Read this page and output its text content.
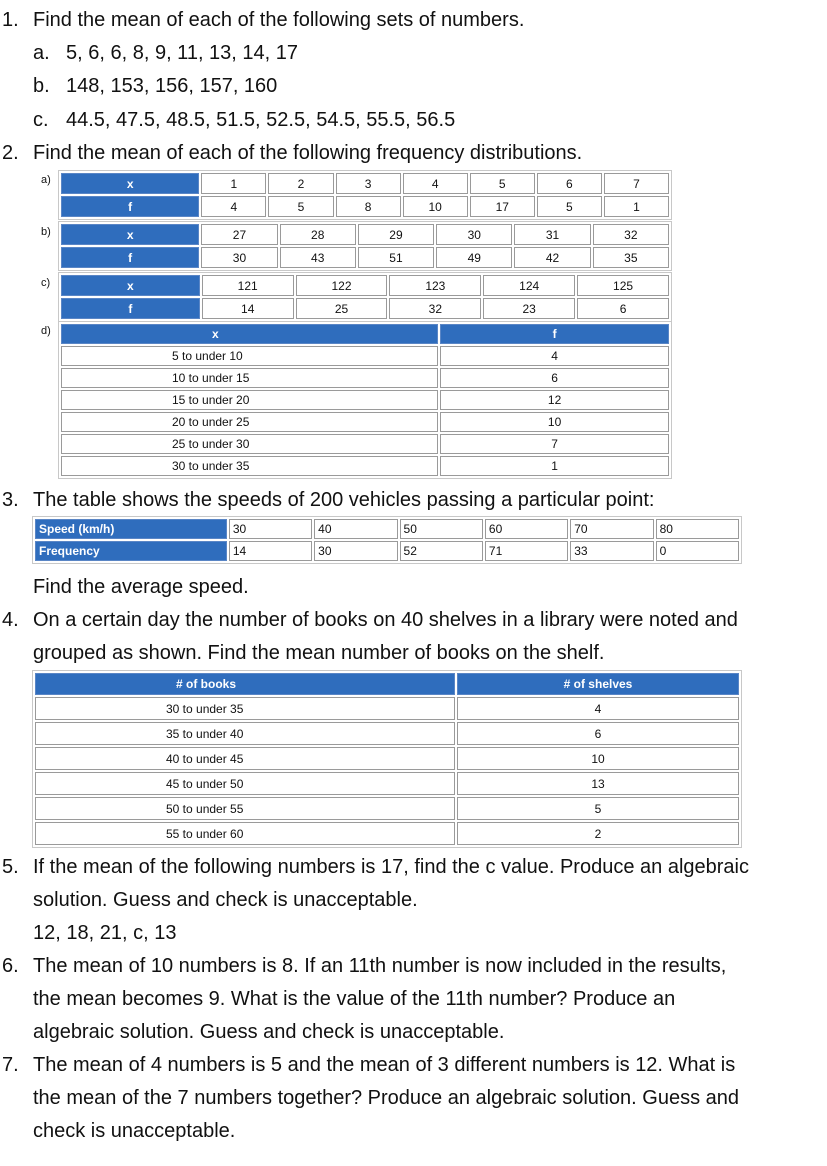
1. Find the mean of each of the following sets of numbers.
a. 5, 6, 6, 8, 9, 11, 13, 14, 17
b. 148, 153, 156, 157, 160
c. 44.5, 47.5, 48.5, 51.5, 52.5, 54.5, 55.5, 56.5
2. Find the mean of each of the following frequency distributions.
a)	x	1	2	3	4	5	6	7
f	4	5	8	10	17	5	1
b)	x	27	28	29	30	31	32
f	30	43	51	49	42	35
c)	x	121	122	123	124	125
f	14	25	32	23	6
d)	x	f
5 to under 10	4
10 to under 15	6
15 to under 20	12
20 to under 25	10
25 to under 30	7
30 to under 35	1
3. The table shows the speeds of 200 vehicles passing a particular point:
Speed (km/h)	30	40	50	60	70	80
Frequency	14	30	52	71	33	0
Find the average speed.
4. On a certain day the number of books on 40 shelves in a library were noted and
grouped as shown. Find the mean number of books on the shelf.
# of books	# of shelves
30 to under 35	4
35 to under 40	6
40 to under 45	10
45 to under 50	13
50 to under 55	5
55 to under 60	2
5. If the mean of the following numbers is 17, find the c value. Produce an algebraic
solution. Guess and check is unacceptable.
12, 18, 21, c, 13
6. The mean of 10 numbers is 8. If an 11th number is now included in the results,
the mean becomes 9. What is the value of the 11th number? Produce an
algebraic solution. Guess and check is unacceptable.
7. The mean of 4 numbers is 5 and the mean of 3 different numbers is 12. What is
the mean of the 7 numbers together? Produce an algebraic solution. Guess and
check is unacceptable.
